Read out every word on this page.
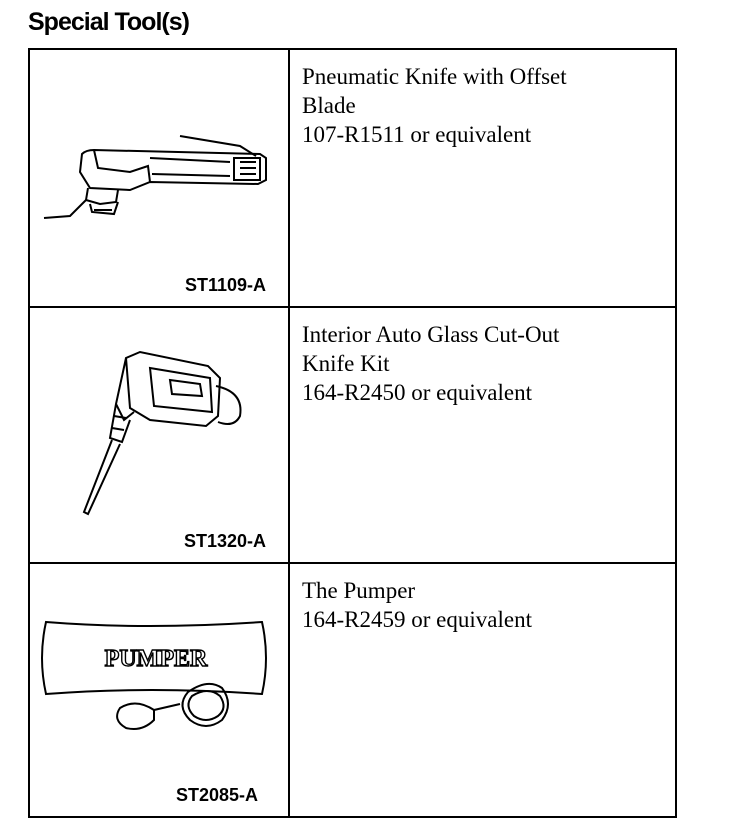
Special Tool(s)
ST1109-A	Pneumatic Knife with Offset
Blade
107-R1511 or equivalent

ST1320-A	Interior Auto Glass Cut-Out
Knife Kit
164-R2450 or equivalent

PUMPER
ST2085-A	The Pumper
164-R2459 or equivalent
